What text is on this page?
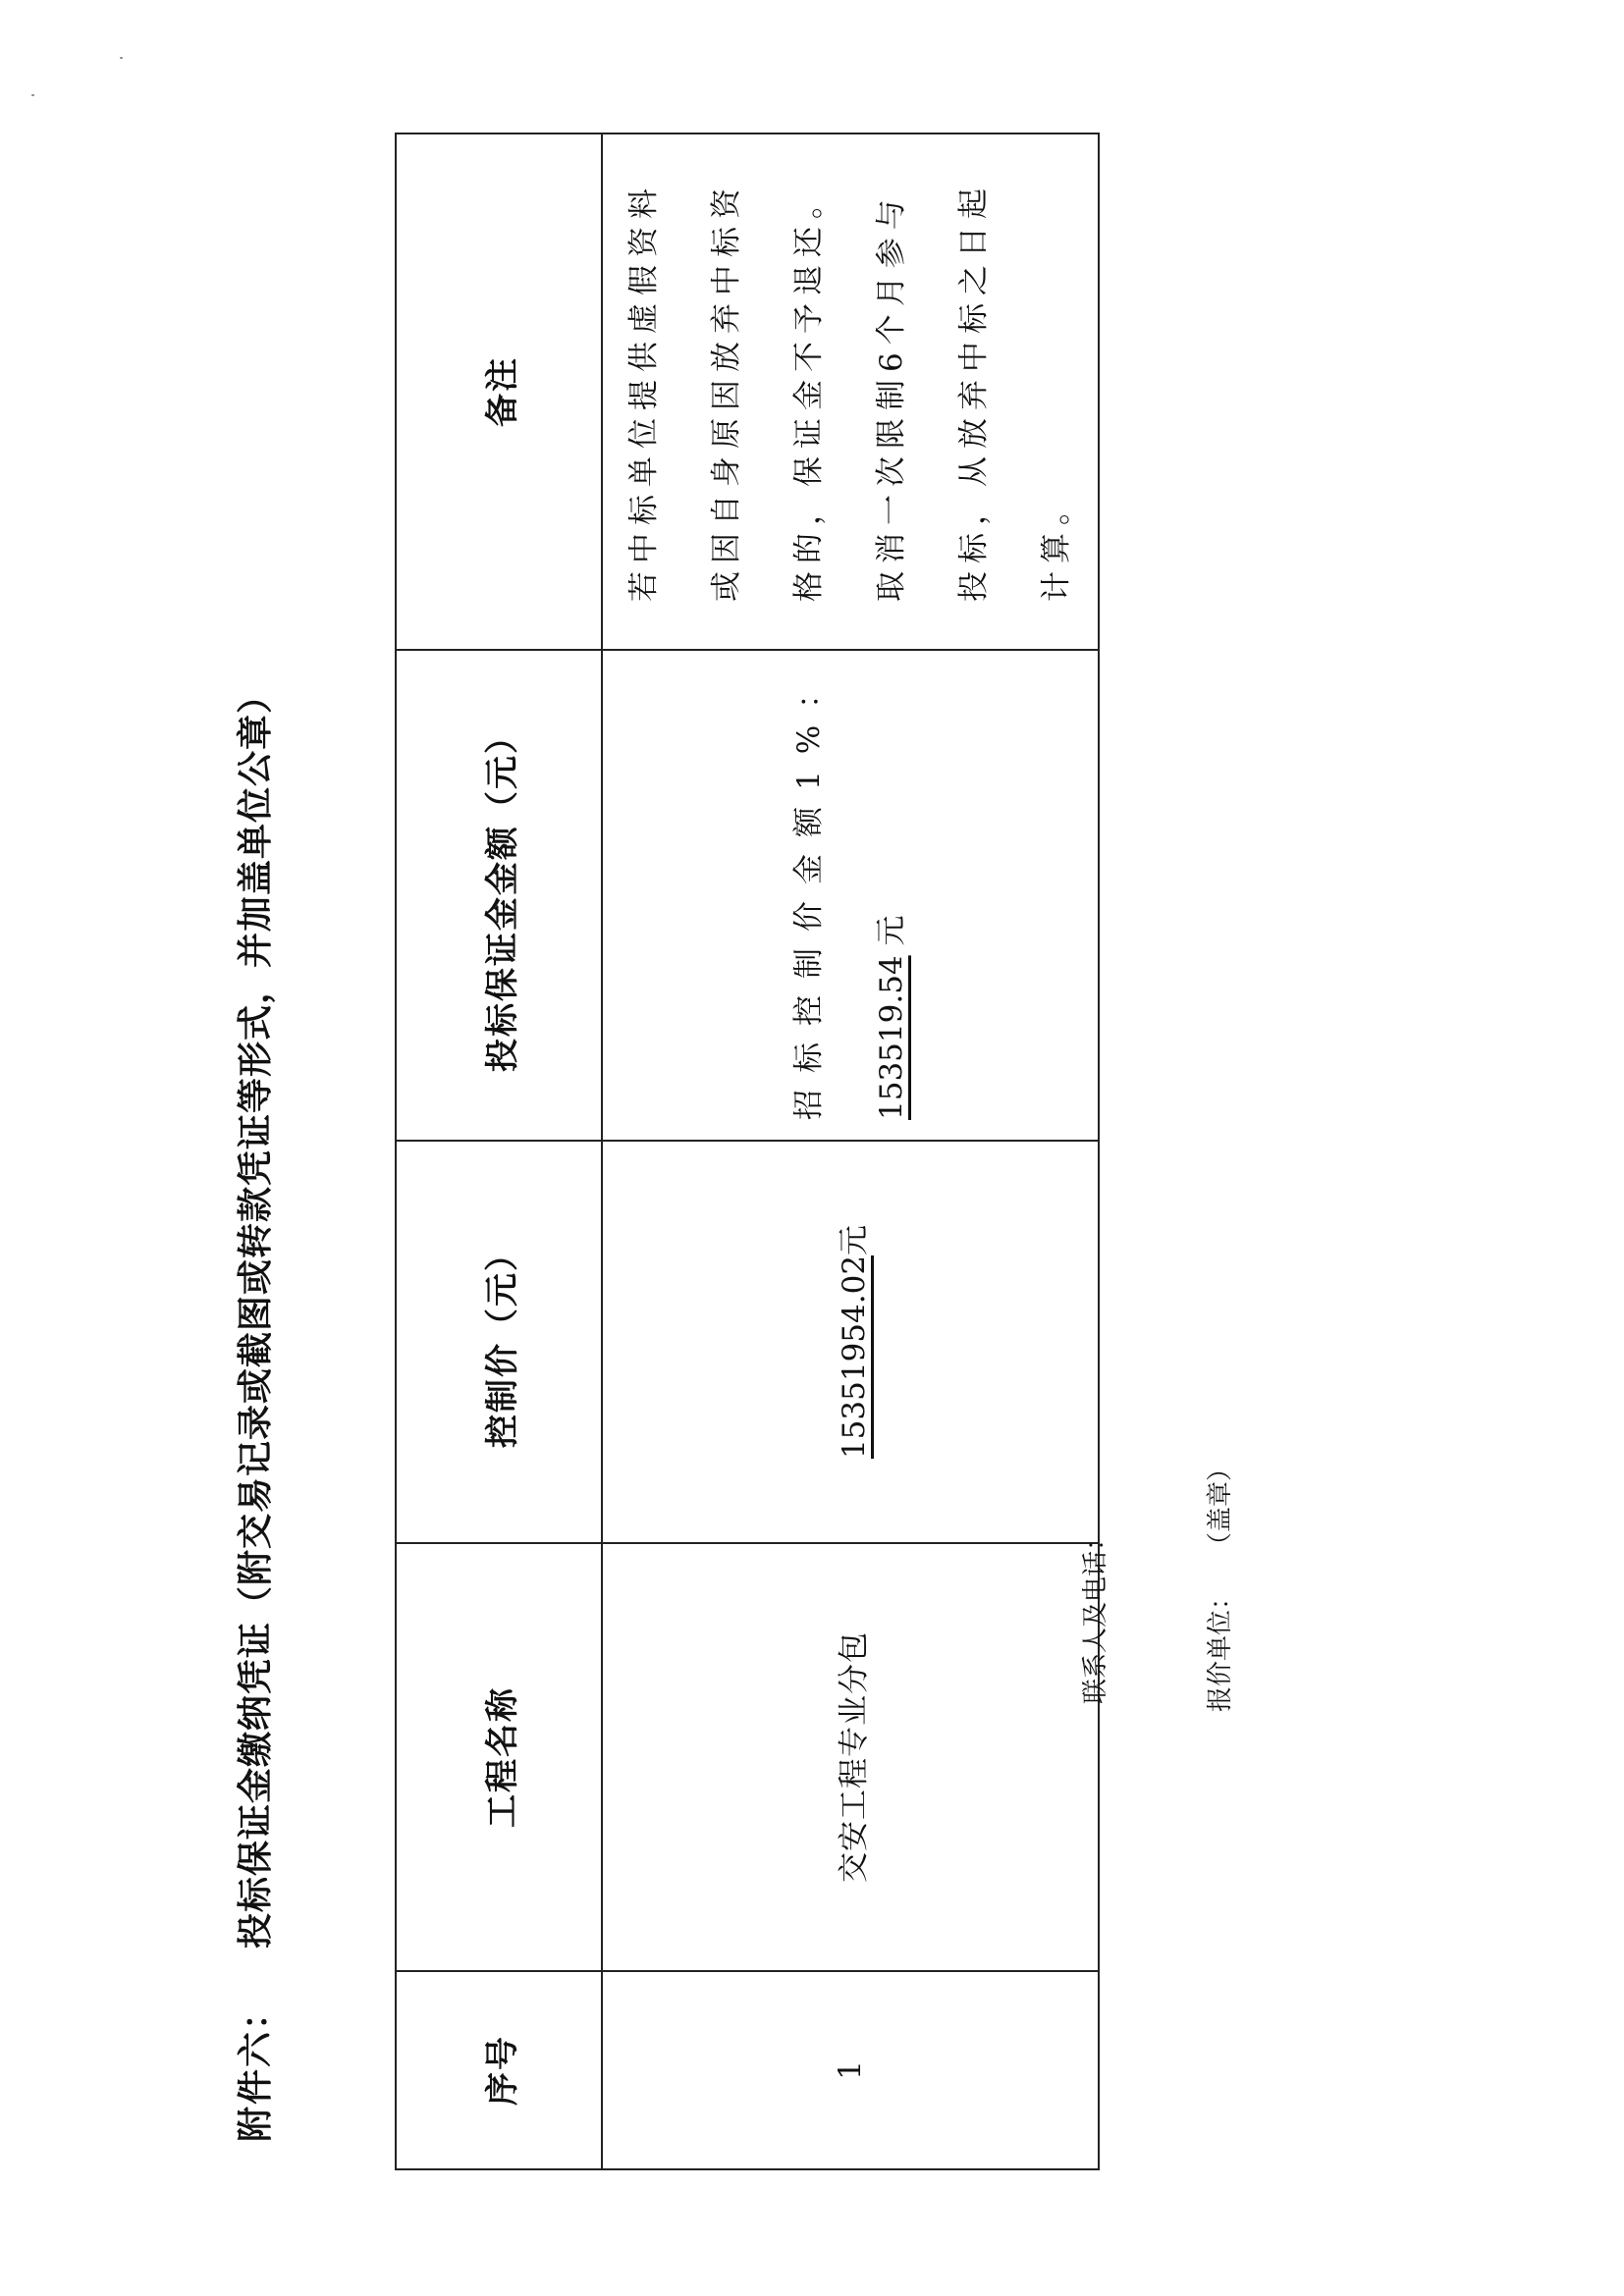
附件六：
投标保证金缴纳凭证（附交易记录或截图或转款凭证等形式，并加盖单位公章）
序号	工程名称	控制价（元）	投标保证金金额（元）	备注
1	交安工程专业分包	15351954.02元	招标控制价金额1%： 153519.54 元	若中标单位提供虚假资料或因自身原因放弃中标资格的，保证金不予退还。取消一次限制6个月参与投标，从放弃中标之日起计算。
联系人及电话：	报价单位：（盖章）
